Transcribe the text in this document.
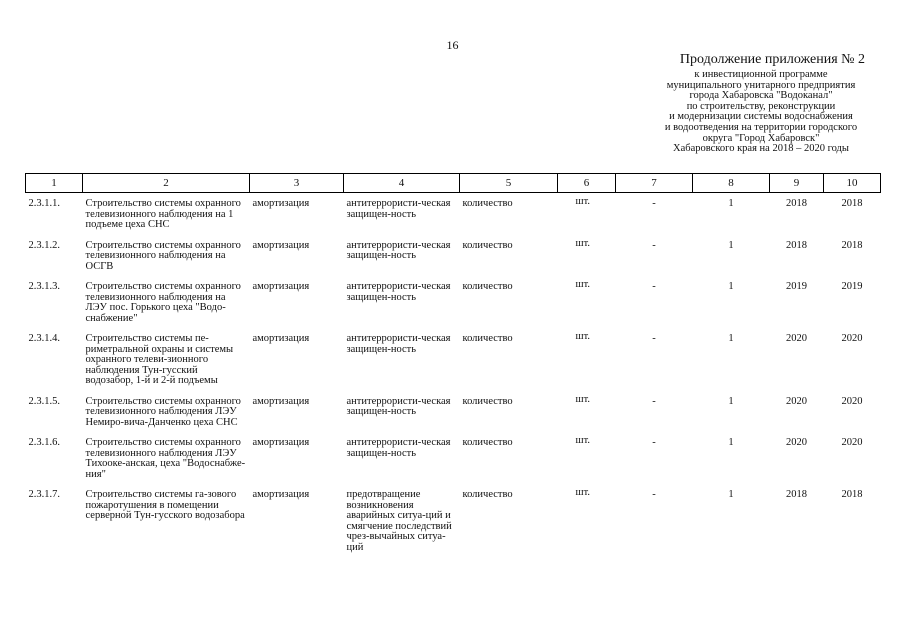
16
Продолжение приложения № 2
к инвестиционной программе
муниципального унитарного предприятия
города Хабаровска "Водоканал"
по строительству, реконструкции
и модернизации системы водоснабжения
и водоотведения на территории городского
округа "Город Хабаровск"
Хабаровского края на 2018 – 2020 годы
1	2	3	4	5	6	7	8	9	10
2.3.1.1.	Строительство системы охранного телевизионного наблюдения на 1 подъеме цеха СНС	амортизация	антитеррористи-ческая защищен-ность	количество	шт.	-	1	2018	2018
2.3.1.2.	Строительство системы охранного телевизионного наблюдения на ОСГВ	амортизация	антитеррористи-ческая защищен-ность	количество	шт.	-	1	2018	2018
2.3.1.3.	Строительство системы охранного телевизионного наблюдения на ЛЭУ пос. Горького цеха "Водо-снабжение"	амортизация	антитеррористи-ческая защищен-ность	количество	шт.	-	1	2019	2019
2.3.1.4.	Строительство системы пе-риметральной охраны и системы охранного телеви-зионного наблюдения Тун-гусский водозабор, 1-й и 2-й подъемы	амортизация	антитеррористи-ческая защищен-ность	количество	шт.	-	1	2020	2020
2.3.1.5.	Строительство системы охранного телевизионного наблюдения ЛЭУ Немиро-вича-Данченко цеха СНС	амортизация	антитеррористи-ческая защищен-ность	количество	шт.	-	1	2020	2020
2.3.1.6.	Строительство системы охранного телевизионного наблюдения ЛЭУ Тихооке-анская, цеха "Водоснабже-ния"	амортизация	антитеррористи-ческая защищен-ность	количество	шт.	-	1	2020	2020
2.3.1.7.	Строительство системы га-зового пожаротушения в помещении серверной Тун-гусского водозабора	амортизация	предотвращение возникновения аварийных ситуа-ций и смягчение последствий чрез-вычайных ситуа-ций	количество	шт.	-	1	2018	2018
